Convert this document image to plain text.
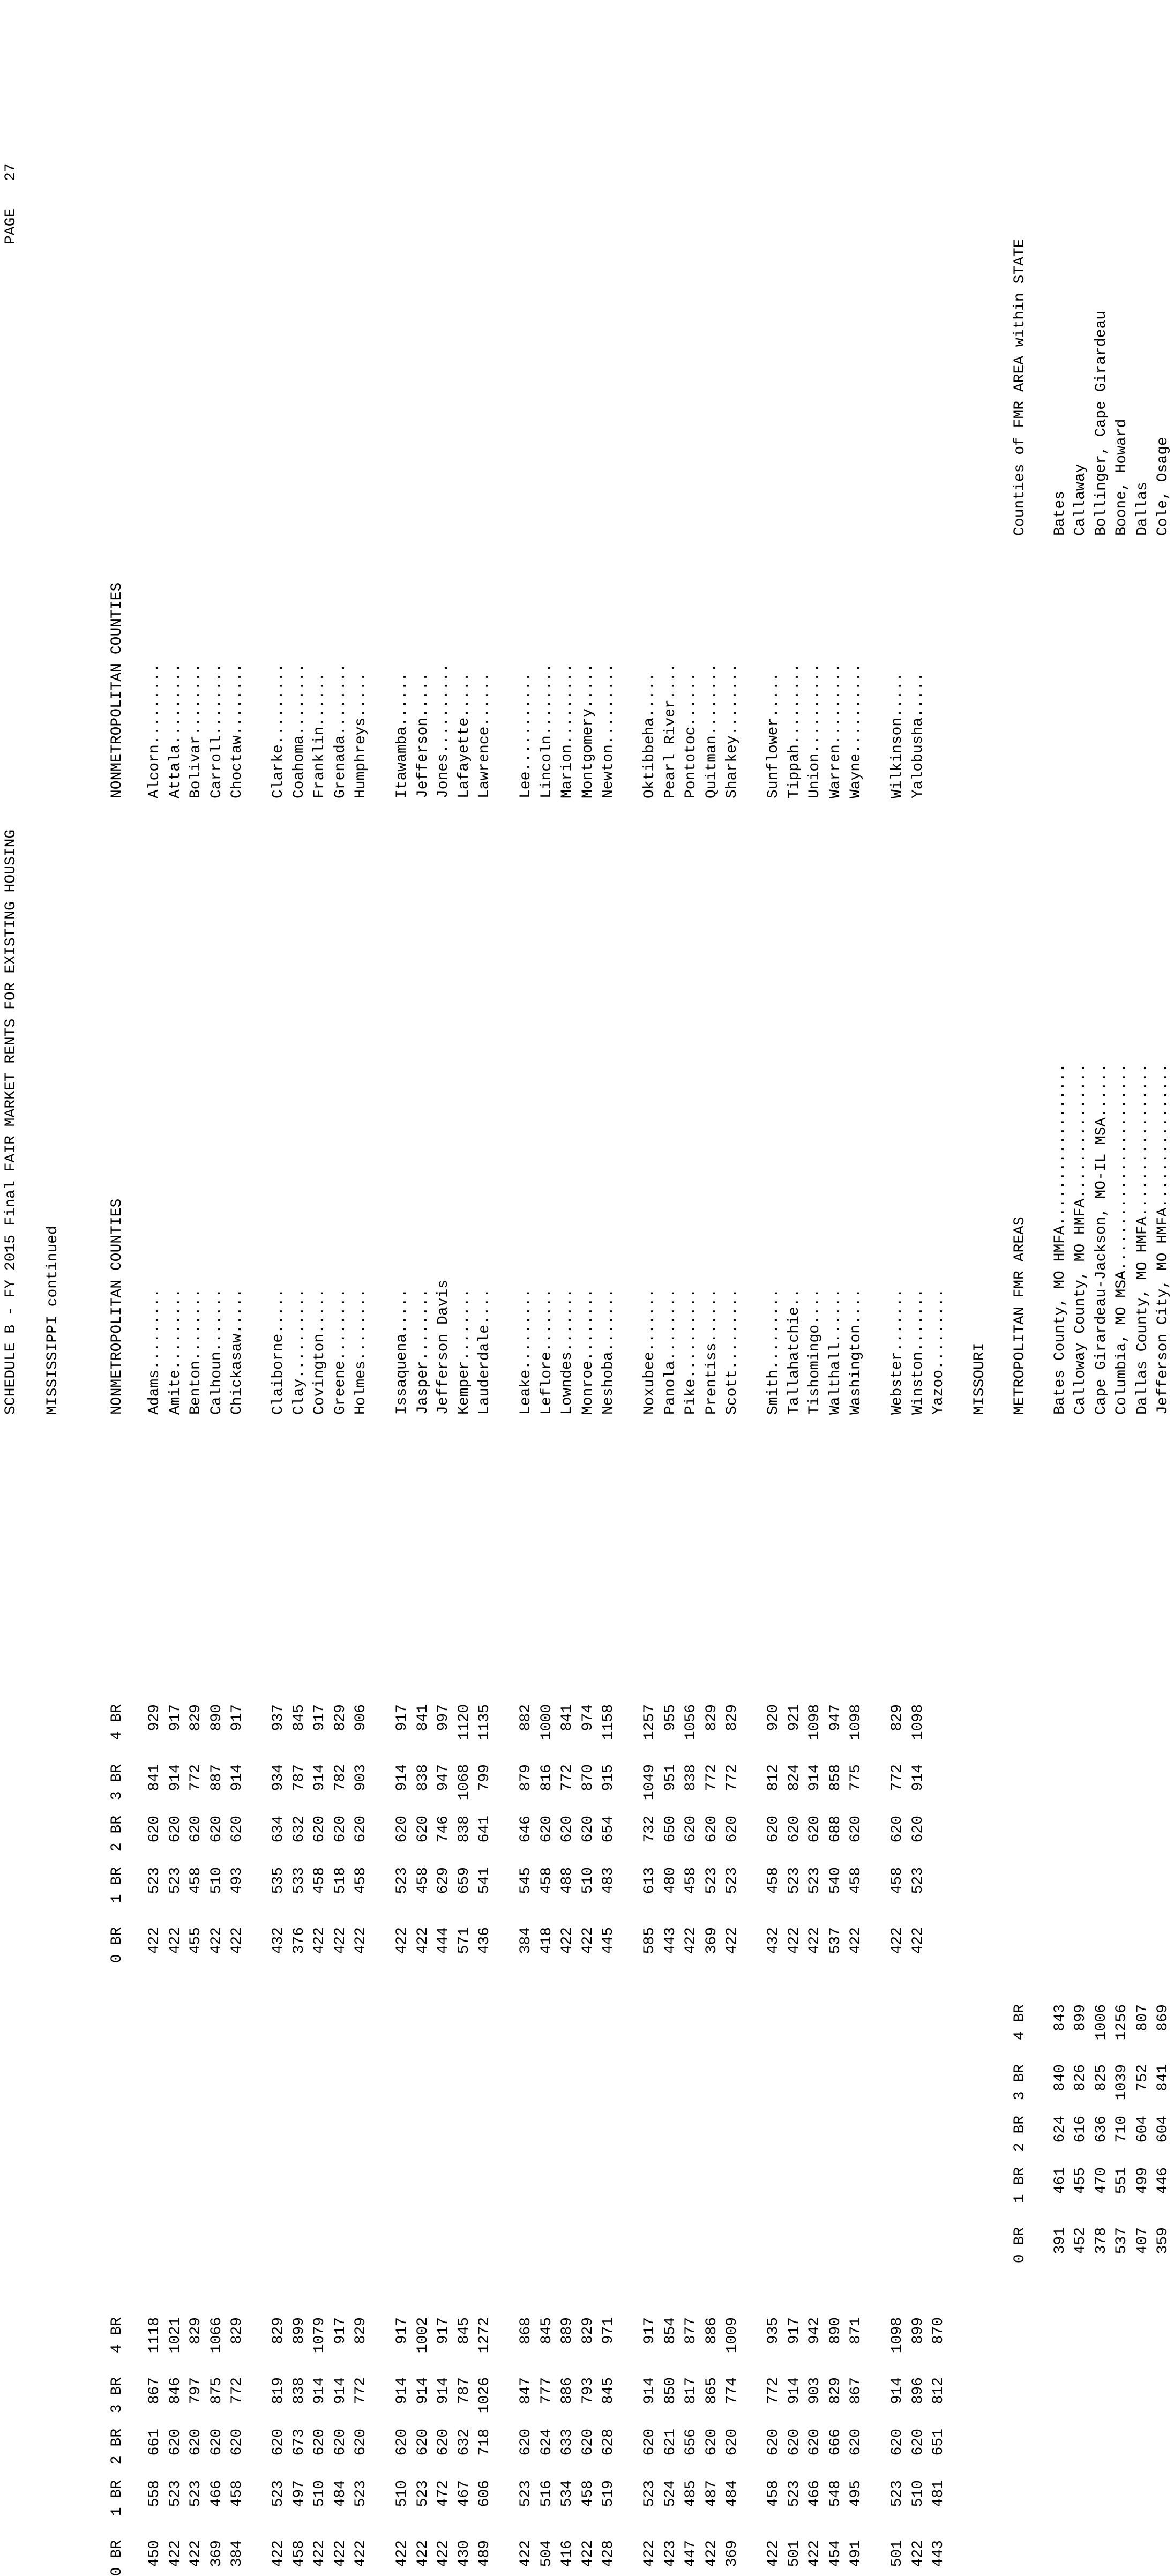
SCHEDULE B - FY 2015 Final FAIR MARKET RENTS FOR EXISTING HOUSING
PAGE
27
MISSISSIPPI continued	NONMETROPOLITAN COUNTIES
0 BR
1 BR
2 BR
3 BR
4 BR
NONMETROPOLITAN COUNTIES
0 BR
1 BR
2 BR
3 BR
4 BR
Adams
.........
450
558
661
867
1118
Alcorn
.........
422
523
620
841
929
Amite
.........
422
523
620
846
1021
Attala
.........
422
523
620
914
917
Benton
........
422
523
620
797
829
Bolivar
........
455
458
620
772
829
Calhoun
.......
369
466
620
875
1066
Carroll
........
422
510
620
887
890
Chickasaw
.....
384
458
620
772
829
Choctaw
........
422
493
620
914
917
Claiborne
.....
422
523
620
819
829
Clarke
.........
432
535
634
934
937
Clay
..........
458
497
673
838
899
Coahoma
........
376
533
632
787
845
Covington
.....
422
510
620
914
1079
Franklin
......
422
458
620
914
917
Greene
........
422
484
620
914
917
Grenada
........
422
518
620
782
829
Holmes
........
422
523
620
772
829
Humphreys
.....
422
458
620
903
906
Issaquena
.....
422
510
620
914
917
Itawamba
......
422
523
620
914
917
Jasper
........
422
523
620
914
1002
Jefferson
.....
422
458
620
838
841
Jefferson Davis
422
472
620
914
917
Jones
..........
444
629
746
947
997
Kemper
........
430
467
632
787
845
Lafayette
.....
571
659
838
1068
1120
Lauderdale
....
489
606
718
1026
1272
Lawrence
......
436
541
641
799
1135
Leake
.........
422
523
620
847
868
Lee
...........
384
545
646
879
882
Leflore
.......
504
516
624
777
845
Lincoln
........
418
458
620
816
1000
Lowndes
.......
416
534
633
886
889
Marion
.........
422
488
620
772
841
Monroe
........
422
458
620
793
829
Montgomery
.....
422
510
620
870
974
Neshoba
.......
428
519
628
845
971
Newton
.........
445
483
654
915
1158
Noxubee
.......
422
523
620
914
917
Oktibbeha
.....
585
613
732
1049
1257
Panola
........
423
524
621
850
854
Pearl River
....
443
480
650
951
955
Pike
..........
447
485
656
817
877
Pontotoc
......
422
458
620
838
1056
Prentiss
......
422
487
620
865
886
Quitman
........
369
523
620
772
829
Scott
.........
369
484
620
774
1009
Sharkey
........
422
523
620
772
829
Smith
.........
422
458
620
772
935
Sunflower
.....
432
458
620
812
920
Tallahatchie
..
501
523
620
914
917
Tippah
.........
422
523
620
824
921
Tishomingo
....
422
466
620
903
942
Union
..........
422
523
620
914
1098
Walthall
......
454
548
666
829
890
Warren
.........
537
540
688
858
947
Washington
....
491
495
620
867
871
Wayne
..........
422
458
620
775
1098
Webster
.......
501
523
620
914
1098
Wilkinson
.....
422
458
620
772
829
Winston
.......
422
510
620
896
899
Yalobusha
.....
422
523
620
914
1098
Yazoo
.........
443
481
651
812
870
MISSOURI METROPOLITAN FMR AREAS
0 BR
1 BR
2 BR
3 BR
4 BR
Counties of FMR AREA within STATE
Bates County, MO HMFA
..................
391
461
624
840
843
Bates
Calloway County, MO HMFA
...............
452
455
616
826
899
Callaway
Cape Girardeau-Jackson, MO-IL MSA
......
378
470
636
825
1006
Bollinger, Cape Girardeau
Columbia, MO MSA
.......................
537
551
710
1039
1256
Boone, Howard
Dallas County, MO HMFA
.................
407
499
604
752
807
Dallas
Jefferson City, MO HMFA
................
359
446
604
841
869
Cole, Osage
